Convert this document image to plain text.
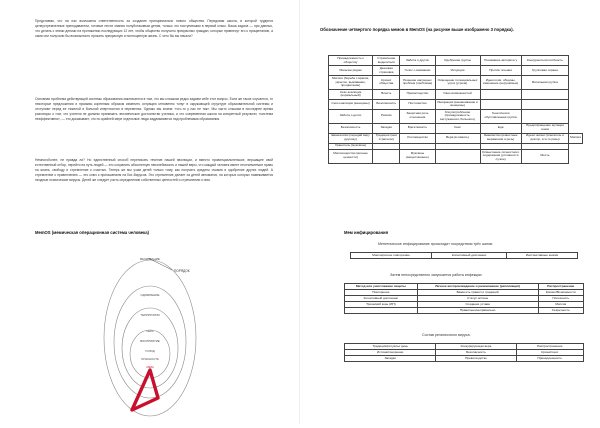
Представим, что на нас возложена ответственность за создание принципиально нового общества. Передовая школа, в которой трудятся целеустремленные преподаватели, готовые нести знания полуботаковым детям, только что поступившим в первый класс. Ваша задача — при данных, что делать с этими детьми на протяжении последующих 12 лет, чтобы общество получило прекрасных граждан, которые привнесут его к процветанию, а сами они получили бы возможность прожить прекрасную и полноценную жизнь. С чего бы вы начали?

Основная проблема действующей системы образования заключается в том, что мы слишком редко задаем себе этот вопрос. Если же такое случается, то некоторые предложения и призывы коренным образом изменить ситуацию мгновенно тонут в окружающей структуре образовательной системы и отступают перед ее тяжелой и больной инертностью в переменах. Однако мы знаем: «что-то у нас не так». Мы часто слышим в последнее время разговоры о том, что учителя не должны принимать человеческое достоинство ученика, и что современная школа на конкретный результат, «система неэффективна», — это доказывает, что по крайней мере отдельные люди задумываются над проблемами образования.

Немногоболее, не правда ли? Но единственный способ переписать течение нашей эволюции, и вместо провинциальненькое, вершащее свой естественный отбор, перейти на путь людей — это сохранить абсолютную неизлебимость и нашей веры, что каждый человек имеет неотъемлемое право на жизнь, свободу и стремление к счастью. Теперь же мы учим детей только тому, как получить кредиты очками и одобрение других людей. А стремление к привлечению — это ключ к пригашением на Биг-Вирусов. Это стремление делает из детей автоматов, на которых которых намеживается неодные психические вирусы. Детей же следует учить определению собственных ценностей и стремлению к ним.

MemOS (мемическая операционная система человека)

ВЫЖИВАНИЕ
ПОРЯДОК
ОДОБРЕНИЕ
ТЕРРИТОРИЯ
СЕКС
ВОСПРИЯТИЕ
ГОЛОД
ОПАСНОСТЬ
МЕМ

Обозначение четвертого порядка мемов в MemOS (на рисунке выше изображено 3 порядка).

Принадлежность к обществу	Стремление выделиться	Забота о других	Одобрение группы	Понимание авторитету	Конкурентноспособность	
Мальчик рядом	Дешевая страховка	Голос о внимании	Интуиция	Против течения	Групповая охрана	
Миссия (борьба с врагом, укрытие, выживание, процветание)	Кризис общества	Решение насущных проблем (проблема)	Освещение потенциальных угроз (угроза)	Идеология, общины, изменение (нерушимые)	Витальная группа	
Секс-коалиция (нормальный)	Власть	Превосходство	Окно возможностей			
Секс-коалиция (женщины)	Безопасность	Постоянство	Инициация (вынашивание и женщины)			
Забота о детях	Расизм	Защитная роль отношения	Злоупотребление (принадлежность, застуженного большого)	Генетически обусловленная группа		
Безопасность	Загадки	Брезгливость	Секс	Еда	Предотвращение мутации генов	
Евангелизм (передай веру другому)	Традиция (мои стратегии)	Охотнищество	Вера (в память)	Знакомство (известные выражения и речь)	Идеал жизни (спасатель и доктор, эти-то разы)	Миссия
Хранитель (мужчины)						
Миссионерство (вечные ценности)		Мужчины (вещественное)		Осмысление личностного содержания (условности лучше)	Месть	

Мем инфицирования

Менетическое инфицирование происходит посредством трёх шагов:

Многократное повторение	Когнитивный диссонанс	Инстинктивные кнопки

Затем непосредственно запускается работа инфекции:

Метод или уничтожение защиты	Личное воспроизведение и размножение (репликация)	Распространение
Повторение	Важность правил и традиций	Кризис/Возможности
Когнитивный диссонанс	Статус истины	Полезность
Троянский конь (ИП)	Создание устава	Миссия
	Правильно/неправильно	Секретность

Состав религиозного вируса:

Традиция/ритуалы/ день	Конкурирующая вера	Распространение
Истина/покорение	Безопасность	Кризис/секс
Загадки	Превосходство	Принадлежность
